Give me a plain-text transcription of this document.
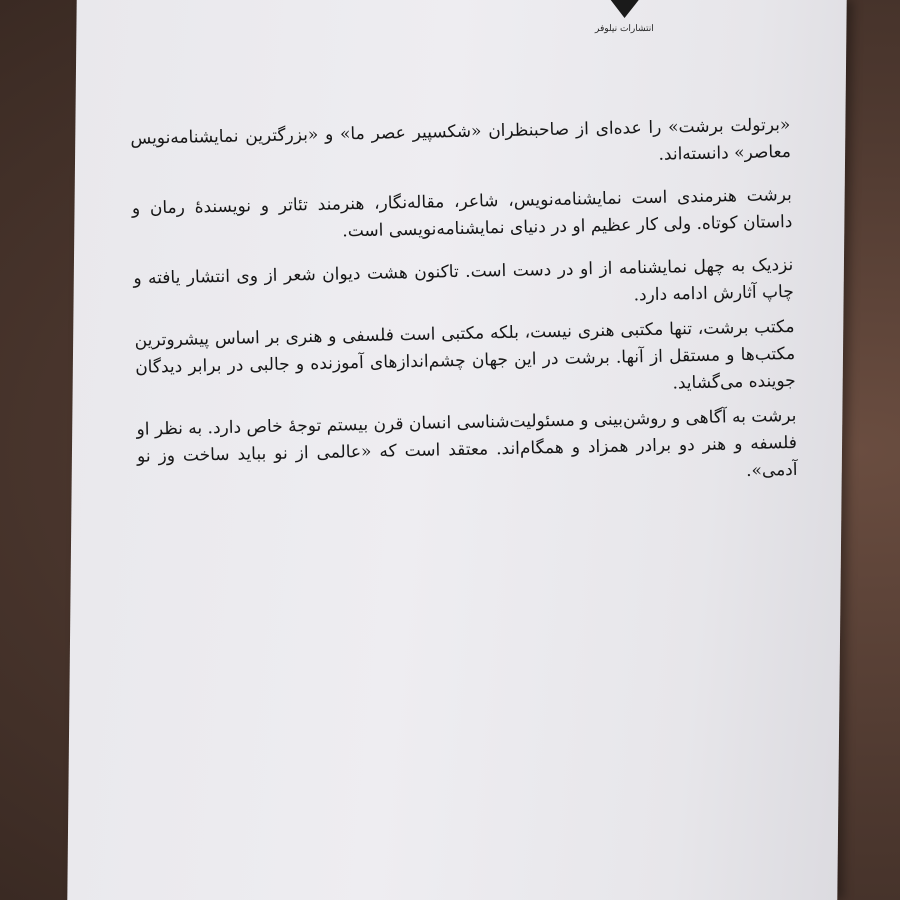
انتشارات نیلوفر

«برتولت برشت» را عده‌ای از صاحبنظران «شکسپیر عصر ما» و «بزرگترین نمایشنامه‌نویس معاصر» دانسته‌اند.

برشت هنرمندی است نمایشنامه‌نویس، شاعر، مقاله‌نگار، هنرمند تئاتر و نویسندهٔ رمان و داستان کوتاه. ولی کار عظیم او در دنیای نمایشنامه‌نویسی است.

نزدیک به چهل نمایشنامه از او در دست است. تاکنون هشت دیوان شعر از وی انتشار یافته و چاپ آثارش ادامه دارد.

مکتب برشت، تنها مکتبی هنری نیست، بلکه مکتبی است فلسفی و هنری بر اساس پیشروترین مکتب‌ها و مستقل از آنها. برشت در این جهان چشم‌اندازهای آموزنده و جالبی در برابر دیدگان جوینده می‌گشاید.

برشت به آگاهی و روشن‌بینی و مسئولیت‌شناسی انسان قرن بیستم توجهٔ خاص دارد. به نظر او فلسفه و هنر دو برادر همزاد و همگام‌اند. معتقد است که «عالمی از نو بباید ساخت وز نو آدمی».
